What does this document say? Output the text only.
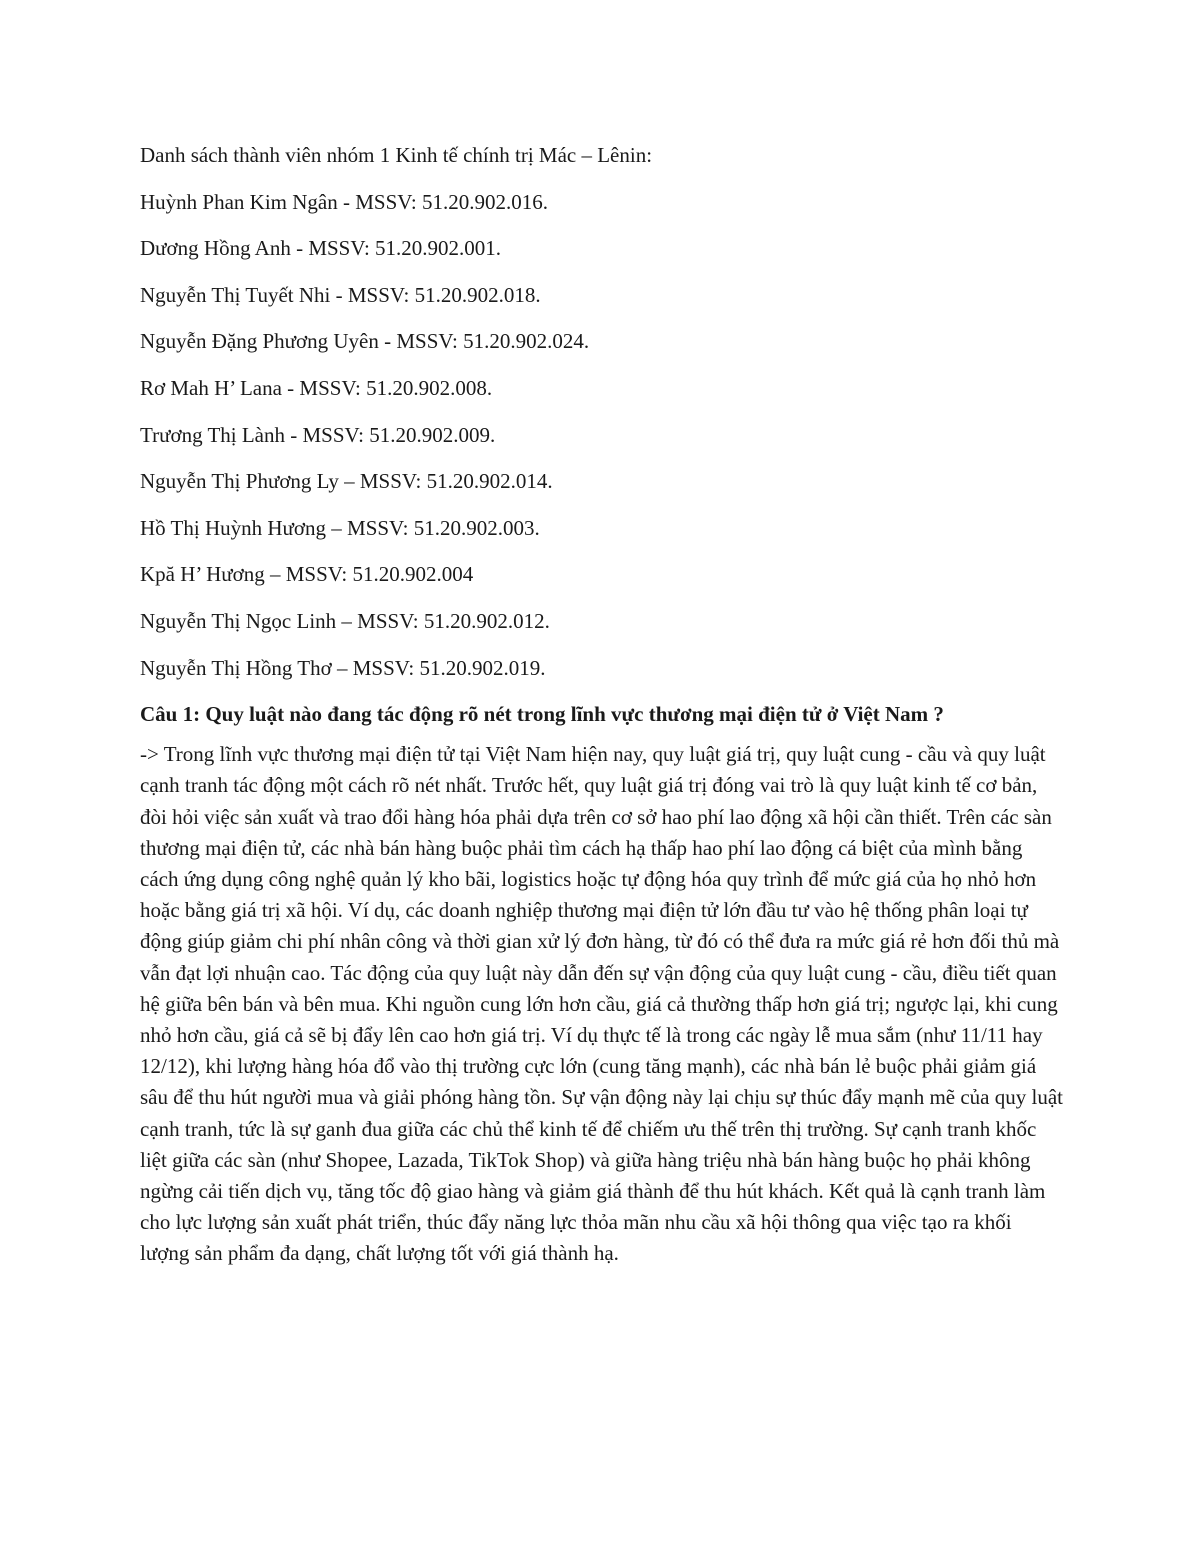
Danh sách thành viên nhóm 1 Kinh tế chính trị Mác – Lênin:
Huỳnh Phan Kim Ngân - MSSV: 51.20.902.016.
Dương Hồng Anh - MSSV: 51.20.902.001.
Nguyễn Thị Tuyết Nhi - MSSV: 51.20.902.018.
Nguyễn Đặng Phương Uyên - MSSV: 51.20.902.024.
Rơ Mah H’ Lana - MSSV: 51.20.902.008.
Trương Thị Lành - MSSV: 51.20.902.009.
Nguyễn Thị Phương Ly – MSSV: 51.20.902.014.
Hồ Thị Huỳnh Hương – MSSV: 51.20.902.003.
Kpă H’ Hương – MSSV: 51.20.902.004
Nguyễn Thị Ngọc Linh – MSSV: 51.20.902.012.
Nguyễn Thị Hồng Thơ – MSSV: 51.20.902.019.
Câu 1: Quy luật nào đang tác động rõ nét trong lĩnh vực thương mại điện tử ở Việt Nam ?

-> Trong lĩnh vực thương mại điện tử tại Việt Nam hiện nay, quy luật giá trị, quy luật cung - cầu và quy luật cạnh tranh tác động một cách rõ nét nhất. Trước hết, quy luật giá trị đóng vai trò là quy luật kinh tế cơ bản, đòi hỏi việc sản xuất và trao đổi hàng hóa phải dựa trên cơ sở hao phí lao động xã hội cần thiết. Trên các sàn thương mại điện tử, các nhà bán hàng buộc phải tìm cách hạ thấp hao phí lao động cá biệt của mình bằng cách ứng dụng công nghệ quản lý kho bãi, logistics hoặc tự động hóa quy trình để mức giá của họ nhỏ hơn hoặc bằng giá trị xã hội. Ví dụ, các doanh nghiệp thương mại điện tử lớn đầu tư vào hệ thống phân loại tự động giúp giảm chi phí nhân công và thời gian xử lý đơn hàng, từ đó có thể đưa ra mức giá rẻ hơn đối thủ mà vẫn đạt lợi nhuận cao. Tác động của quy luật này dẫn đến sự vận động của quy luật cung - cầu, điều tiết quan hệ giữa bên bán và bên mua. Khi nguồn cung lớn hơn cầu, giá cả thường thấp hơn giá trị; ngược lại, khi cung nhỏ hơn cầu, giá cả sẽ bị đẩy lên cao hơn giá trị. Ví dụ thực tế là trong các ngày lễ mua sắm (như 11/11 hay 12/12), khi lượng hàng hóa đổ vào thị trường cực lớn (cung tăng mạnh), các nhà bán lẻ buộc phải giảm giá sâu để thu hút người mua và giải phóng hàng tồn. Sự vận động này lại chịu sự thúc đẩy mạnh mẽ của quy luật cạnh tranh, tức là sự ganh đua giữa các chủ thể kinh tế để chiếm ưu thế trên thị trường. Sự cạnh tranh khốc liệt giữa các sàn (như Shopee, Lazada, TikTok Shop) và giữa hàng triệu nhà bán hàng buộc họ phải không ngừng cải tiến dịch vụ, tăng tốc độ giao hàng và giảm giá thành để thu hút khách. Kết quả là cạnh tranh làm cho lực lượng sản xuất phát triển, thúc đẩy năng lực thỏa mãn nhu cầu xã hội thông qua việc tạo ra khối lượng sản phẩm đa dạng, chất lượng tốt với giá thành hạ.
